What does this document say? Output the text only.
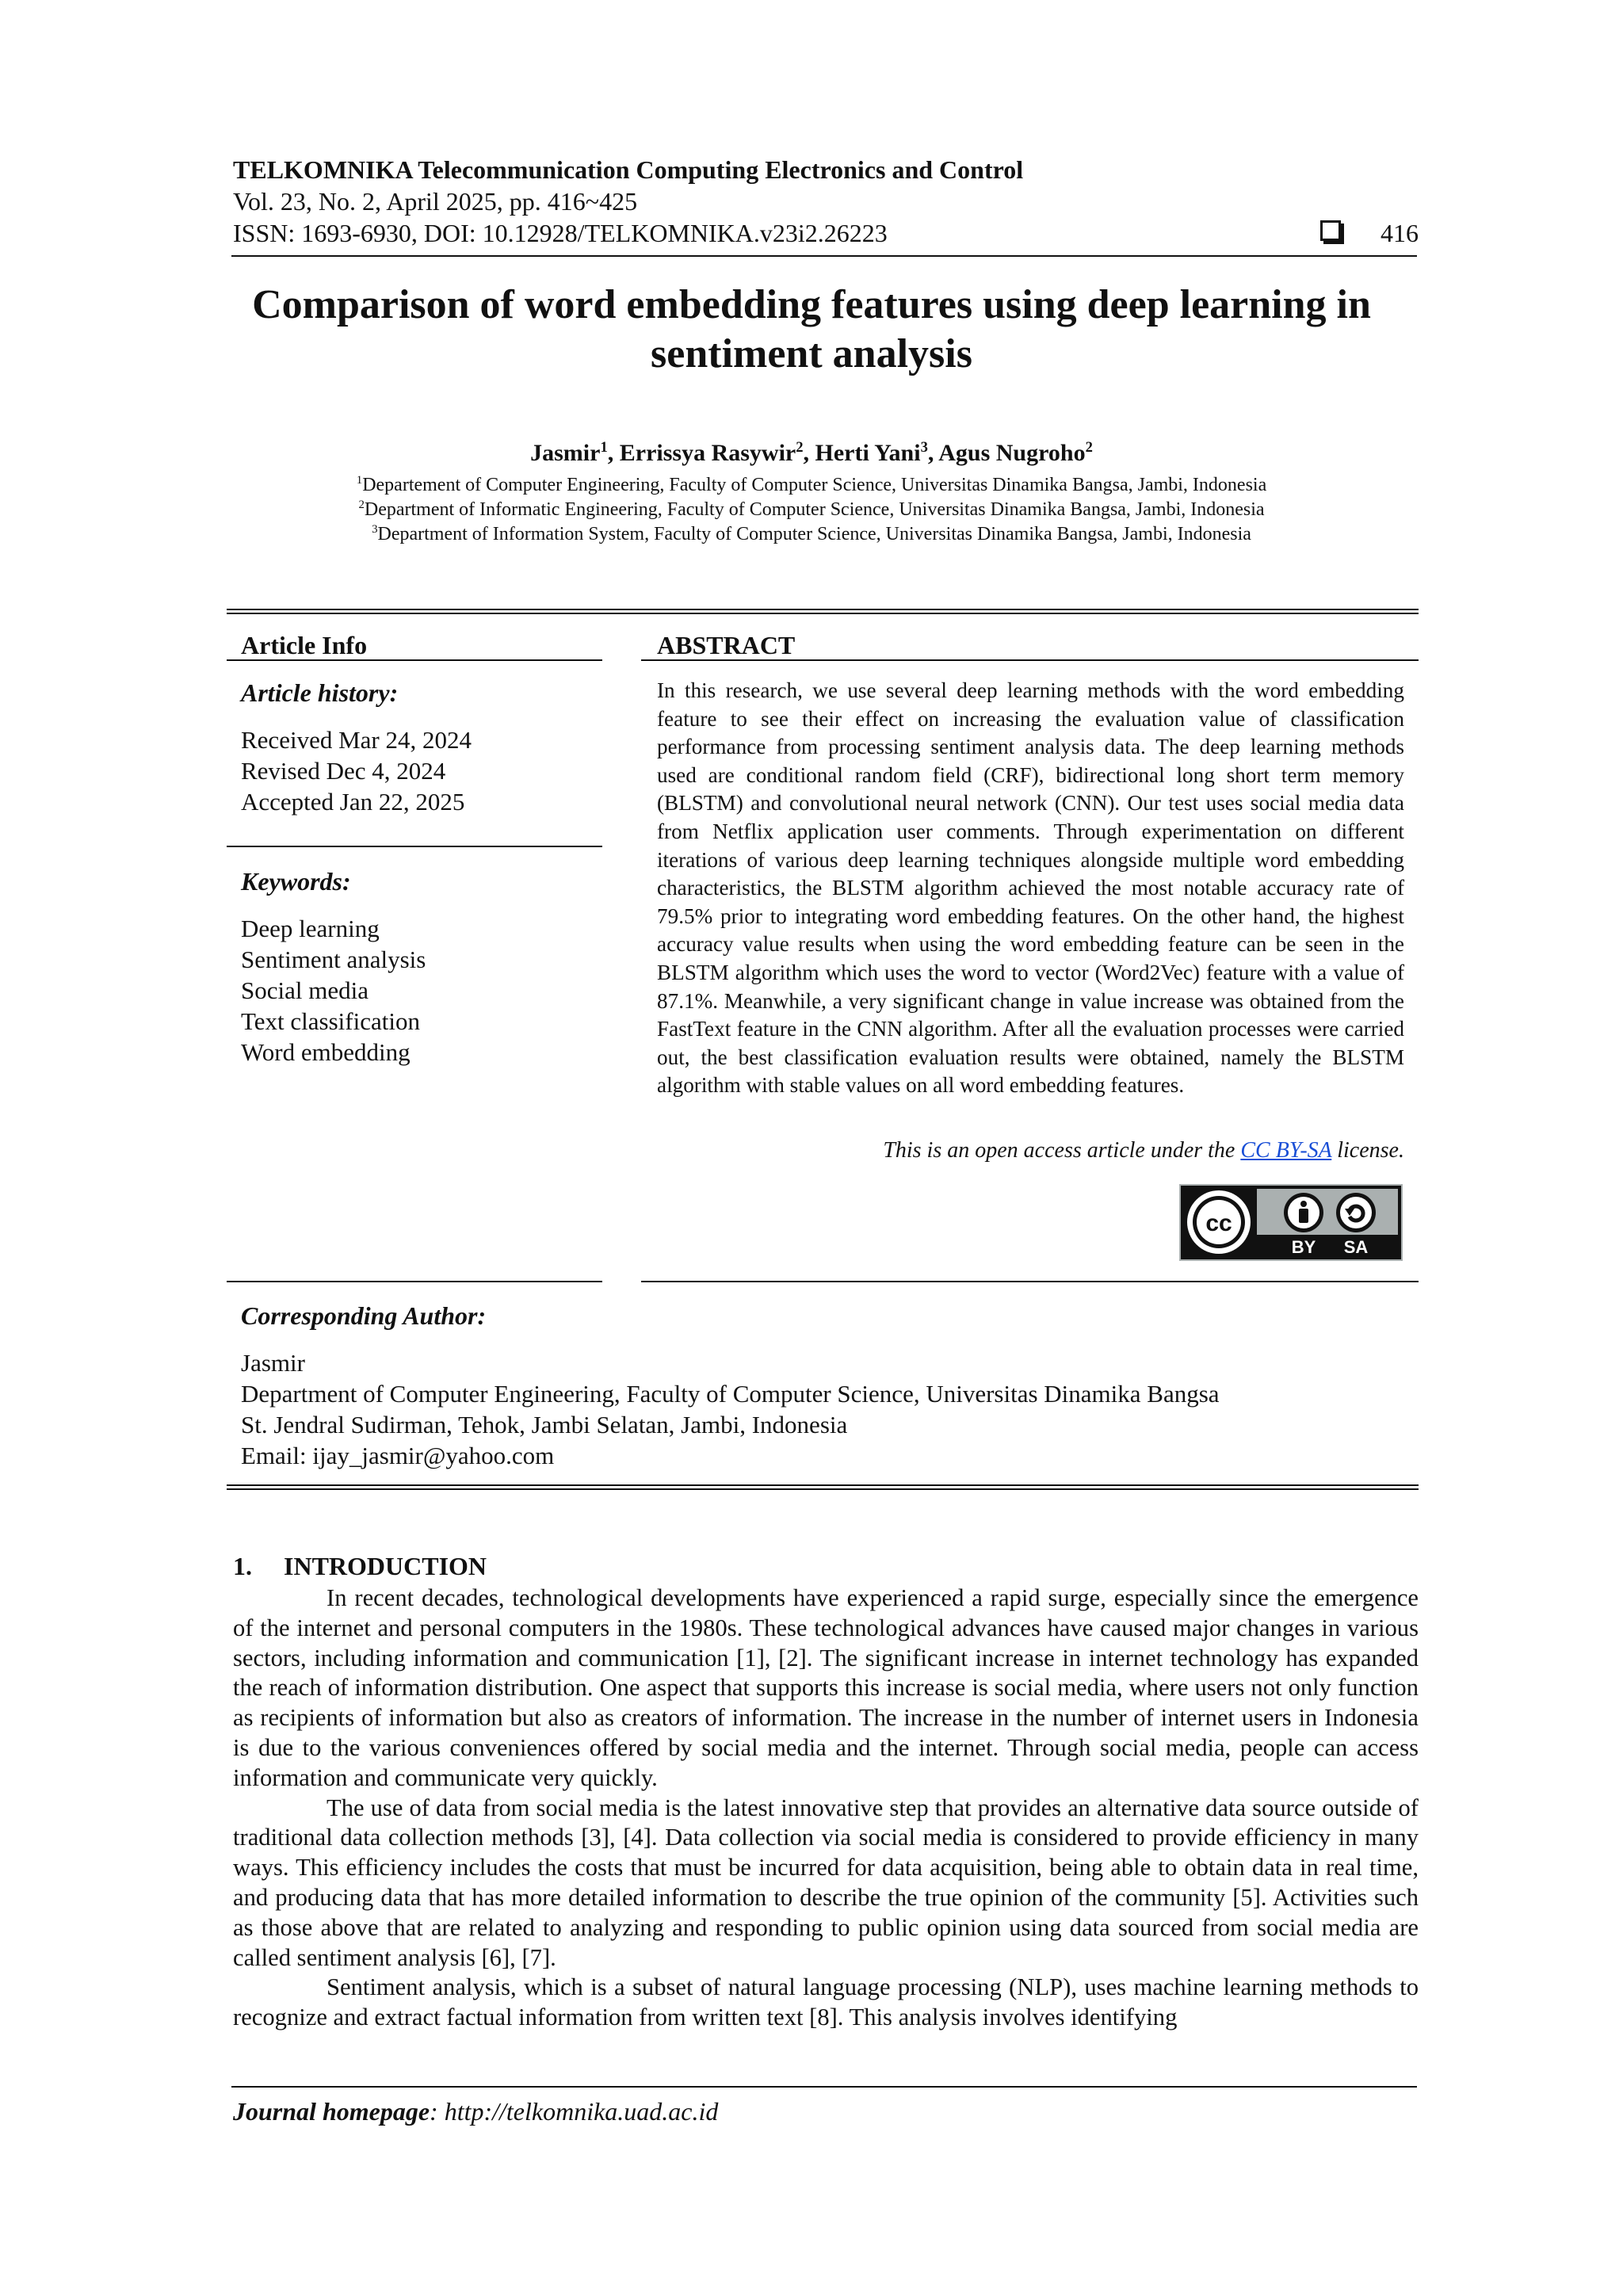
TELKOMNIKA Telecommunication Computing Electronics and Control
Vol. 23, No. 2, April 2025, pp. 416~425
ISSN: 1693-6930, DOI: 10.12928/TELKOMNIKA.v23i2.26223	416
Comparison of word embedding features using deep learning in
sentiment analysis
Jasmir$^1$, Errissya Rasywir$^2$, Herti Yani$^3$, Agus Nugroho$^2$
$^1$Departement of Computer Engineering, Faculty of Computer Science, Universitas Dinamika Bangsa, Jambi, Indonesia
$^2$Department of Informatic Engineering, Faculty of Computer Science, Universitas Dinamika Bangsa, Jambi, Indonesia
$^3$Department of Information System, Faculty of Computer Science, Universitas Dinamika Bangsa, Jambi, Indonesia
Article Info
Article history:
Received Mar 24, 2024
Revised Dec 4, 2024
Accepted Jan 22, 2025
Keywords:
Deep learning
Sentiment analysis
Social media
Text classification
Word embedding
ABSTRACT
In this research, we use several deep learning methods with the word embedding feature to see their effect on increasing the evaluation value of classification performance from processing sentiment analysis data. The deep learning methods used are conditional random field (CRF), bidirectional long short term memory (BLSTM) and convolutional neural network (CNN). Our test uses social media data from Netflix application user comments. Through experimentation on different iterations of various deep learning techniques alongside multiple word embedding characteristics, the BLSTM algorithm achieved the most notable accuracy rate of 79.5% prior to integrating word embedding features. On the other hand, the highest accuracy value results when using the word embedding feature can be seen in the BLSTM algorithm which uses the word to vector (Word2Vec) feature with a value of 87.1%. Meanwhile, a very significant change in value increase was obtained from the FastText feature in the CNN algorithm. After all the evaluation processes were carried out, the best classification evaluation results were obtained, namely the BLSTM algorithm with stable values on all word embedding features.
This is an open access article under the CC BY-SA license.
cc
BY SA
Corresponding Author:
Jasmir
Department of Computer Engineering, Faculty of Computer Science, Universitas Dinamika Bangsa
St. Jendral Sudirman, Tehok, Jambi Selatan, Jambi, Indonesia
Email: ijay_jasmir@yahoo.com
1.     INTRODUCTION

In recent decades, technological developments have experienced a rapid surge, especially since the emergence of the internet and personal computers in the 1980s. These technological advances have caused major changes in various sectors, including information and communication [1], [2]. The significant increase in internet technology has expanded the reach of information distribution. One aspect that supports this increase is social media, where users not only function as recipients of information but also as creators of information. The increase in the number of internet users in Indonesia is due to the various conveniences offered by social media and the internet. Through social media, people can access information and communicate very quickly.

The use of data from social media is the latest innovative step that provides an alternative data source outside of traditional data collection methods [3], [4]. Data collection via social media is considered to provide efficiency in many ways. This efficiency includes the costs that must be incurred for data acquisition, being able to obtain data in real time, and producing data that has more detailed information to describe the true opinion of the community [5]. Activities such as those above that are related to analyzing and responding to public opinion using data sourced from social media are called sentiment analysis [6], [7].

Sentiment analysis, which is a subset of natural language processing (NLP), uses machine learning methods to recognize and extract factual information from written text [8]. This analysis involves identifying

Journal homepage: http://telkomnika.uad.ac.id
